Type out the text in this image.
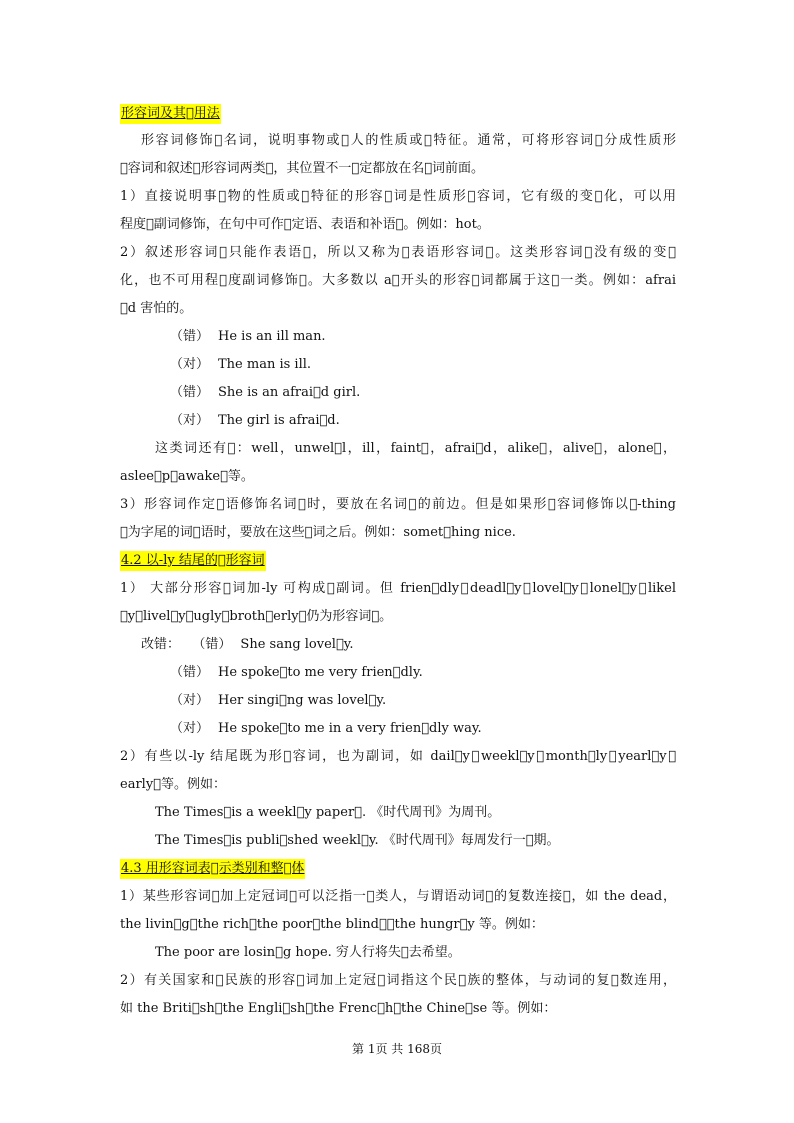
形容词及其 用法
形容词修饰 名词，说明事物或 人的性质或 特征。通常，可将形容词 分成性质形
 容词和叙述 形容词两类 ，其位置不一 定都放在名 词前面。
1）直接说明事 物的性质或 特征的形容 词是性质形 容词，它有级的变 化，可以用
程度 副词修饰，在句中可作 定语、表语和补语 。例如：hot。
2）叙述形容词 只能作表语 ，所以又称为 表语形容词 。这类形容词 没有级的变 
化，也不可用程 度副词修饰 。大多数以 a 开头的形容 词都属于这 一类。例如：afrai
 d 害怕的。
（错） He is an ill man.
（对） The man is ill.
（错） She is an afrai d girl.
（对） The girl is afrai d.
这类词还有 ：well，unwel l，ill，faint ，afrai d，alike ，alive ，alone ，
aslee p，awake 等。
3）形容词作定 语修饰名词 时，要放在名词 的前边。但是如果形 容词修饰以 -thing
 为字尾的词 语时，要放在这些 词之后。例如：somet hing nice.
4.2 以-ly 结尾的 形容词
1） 大部分形容 词加-ly 可构成 副词。但 frien dly，deadl y，lovel y，lonel y，likel
 y，livel y，ugly，broth erly，仍为形容词 。
改错： （错） She sang lovel y.
（错） He spoke to me very frien dly.
（对） Her singi ng was lovel y.
（对） He spoke to me in a very frien dly way.
2）有些以-ly 结尾既为形 容词，也为副词，如 dail y，weekl y，month ly，yearl y，
early 等。例如：
The Times is a weekl y paper . 《时代周刊》为周刊。
The Times is publi shed weekl y. 《时代周刊》每周发行一 期。
4.3 用形容词表 示类别和整 体
1）某些形容词 加上定冠词 可以泛指一 类人，与谓语动词 的复数连接 ，如 the dead，
the livin g，the rich，the poor，the blind ，the hungr y 等。例如：
The poor are losin g hope. 穷人行将失 去希望。
2）有关国家和 民族的形容 词加上定冠 词指这个民 族的整体，与动词的复 数连用，
如 the Briti sh，the Engli sh，the Frenc h，the Chine se 等。例如：
第 1页 共 168页
